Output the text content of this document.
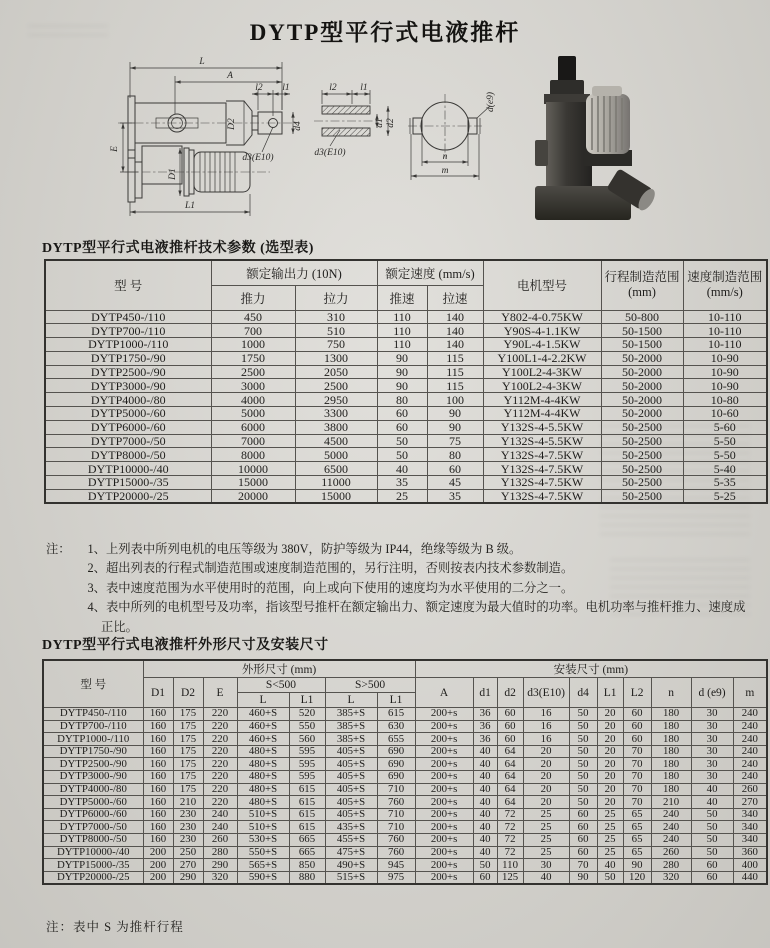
DYTP型平行式电液推杆
L
A
l2 l1
d4
d3(E10)
D2
E
D1
L1
l2 l1
d1 d2
d3(E10)
d(e9)
n
m
DYTP型平行式电液推杆技术参数 (选型表)
型 号	额定输出力 (10N)	额定速度 (mm/s)	电机型号	
行程制造范围
(mm)

速度制造范围
(mm/s)

	推力	拉力	推速	拉速			
DYTP450-/110	450	310	110	140	Y802-4-0.75KW	50-800	10-110
DYTP700-/110	700	510	110	140	Y90S-4-1.1KW	50-1500	10-110
DYTP1000-/110	1000	750	110	140	Y90L-4-1.5KW	50-1500	10-110
DYTP1750-/90	1750	1300	90	115	Y100L1-4-2.2KW	50-2000	10-90
DYTP2500-/90	2500	2050	90	115	Y100L2-4-3KW	50-2000	10-90
DYTP3000-/90	3000	2500	90	115	Y100L2-4-3KW	50-2000	10-90
DYTP4000-/80	4000	2950	80	100	Y112M-4-4KW	50-2000	10-80
DYTP5000-/60	5000	3300	60	90	Y112M-4-4KW	50-2000	10-60
DYTP6000-/60	6000	3800	60	90	Y132S-4-5.5KW	50-2500	5-60
DYTP7000-/50	7000	4500	50	75	Y132S-4-5.5KW	50-2500	5-50
DYTP8000-/50	8000	5000	50	80	Y132S-4-7.5KW	50-2500	5-50
DYTP10000-/40	10000	6500	40	60	Y132S-4-7.5KW	50-2500	5-40
DYTP15000-/35	15000	11000	35	45	Y132S-4-7.5KW	50-2500	5-35
DYTP20000-/25	20000	15000	25	35	Y132S-4-7.5KW	50-2500	5-25
注： 1、上列表中所列电机的电压等级为 380V，防护等级为 IP44，绝缘等级为 B 级。
2、超出列表的行程式制造范围或速度制造范围的，另行注明，否则按表内技术参数制造。
3、表中速度范围为水平使用时的范围，向上或向下使用的速度均为水平使用的二分之一。
4、表中所列的电机型号及功率，指该型号推杆在额定输出力、额定速度为最大值时的功率。电机功率与推杆推力、速度成正比。
DYTP型平行式电液推杆外形尺寸及安装尺寸
型 号	外形尺寸 (mm)							安装尺寸 (mm)									
	D1	D2	E	S<500		S>500		A	d1	d2	d3(E10)	d4	L1	L2	n	d (e9)	m
				L	L1	L	L1										
DYTP450-/110	160	175	220	460+S	520	385+S	615	200+s	36	60	16	50	20	60	180	30	240
DYTP700-/110	160	175	220	460+S	550	385+S	630	200+s	36	60	16	50	20	60	180	30	240
DYTP1000-/110	160	175	220	460+S	560	385+S	655	200+s	36	60	16	50	20	60	180	30	240
DYTP1750-/90	160	175	220	480+S	595	405+S	690	200+s	40	64	20	50	20	70	180	30	240
DYTP2500-/90	160	175	220	480+S	595	405+S	690	200+s	40	64	20	50	20	70	180	30	240
DYTP3000-/90	160	175	220	480+S	595	405+S	690	200+s	40	64	20	50	20	70	180	30	240
DYTP4000-/80	160	175	220	480+S	615	405+S	710	200+s	40	64	20	50	20	70	180	40	260
DYTP5000-/60	160	210	220	480+S	615	405+S	760	200+s	40	64	20	50	20	70	210	40	270
DYTP6000-/60	160	230	240	510+S	615	405+S	710	200+s	40	72	25	60	25	65	240	50	340
DYTP7000-/50	160	230	240	510+S	615	435+S	710	200+s	40	72	25	60	25	65	240	50	340
DYTP8000-/50	160	230	260	530+S	665	455+S	760	200+s	40	72	25	60	25	65	240	50	340
DYTP10000-/40	200	250	280	550+S	665	475+S	760	200+s	40	72	25	60	25	65	260	50	360
DYTP15000-/35	200	270	290	565+S	850	490+S	945	200+s	50	110	30	70	40	90	280	60	400
DYTP20000-/25	200	290	320	590+S	880	515+S	975	200+s	60	125	40	90	50	120	320	60	440
注：表中 S 为推杆行程
